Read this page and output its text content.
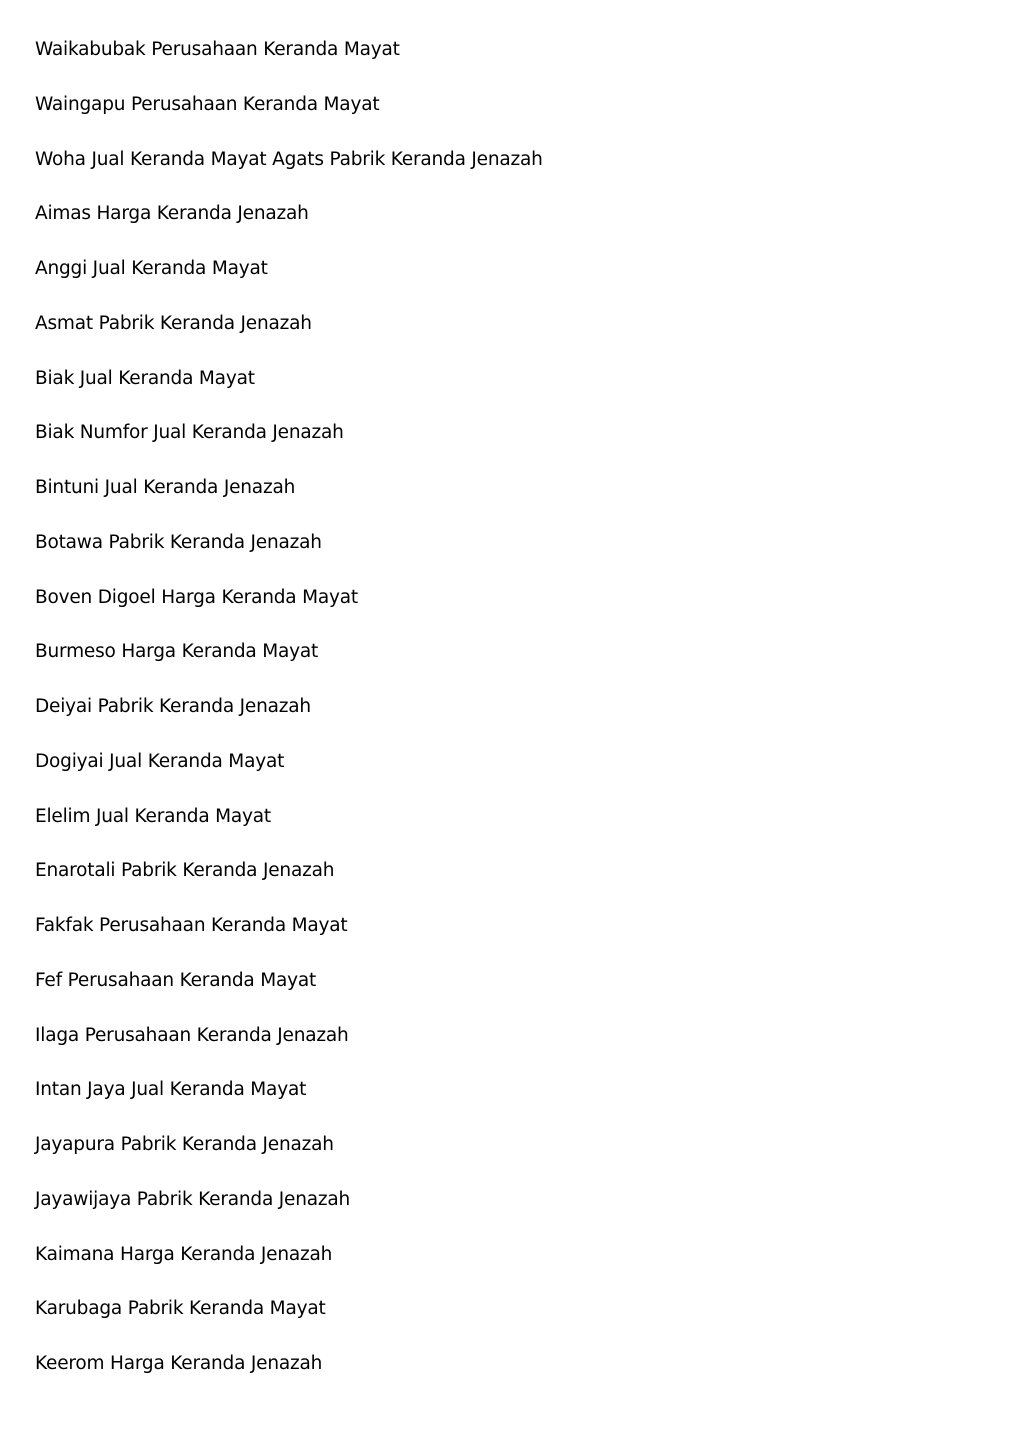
Waikabubak Perusahaan Keranda Mayat
Waingapu Perusahaan Keranda Mayat
Woha Jual Keranda Mayat Agats Pabrik Keranda Jenazah
Aimas Harga Keranda Jenazah
Anggi Jual Keranda Mayat
Asmat Pabrik Keranda Jenazah
Biak Jual Keranda Mayat
Biak Numfor Jual Keranda Jenazah
Bintuni Jual Keranda Jenazah
Botawa Pabrik Keranda Jenazah
Boven Digoel Harga Keranda Mayat
Burmeso Harga Keranda Mayat
Deiyai Pabrik Keranda Jenazah
Dogiyai Jual Keranda Mayat
Elelim Jual Keranda Mayat
Enarotali Pabrik Keranda Jenazah
Fakfak Perusahaan Keranda Mayat
Fef Perusahaan Keranda Mayat
Ilaga Perusahaan Keranda Jenazah
Intan Jaya Jual Keranda Mayat
Jayapura Pabrik Keranda Jenazah
Jayawijaya Pabrik Keranda Jenazah
Kaimana Harga Keranda Jenazah
Karubaga Pabrik Keranda Mayat
Keerom Harga Keranda Jenazah
